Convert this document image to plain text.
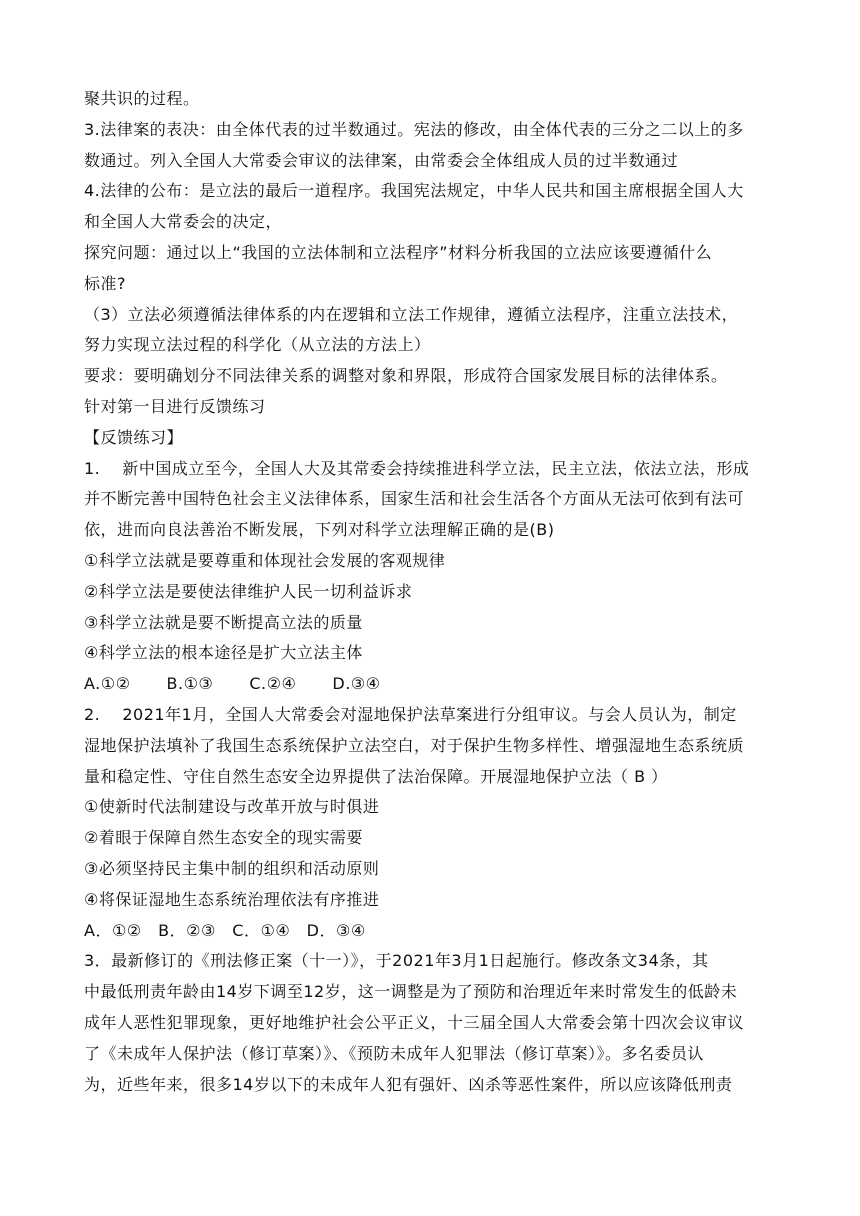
聚共识的过程。
3.法律案的表决：由全体代表的过半数通过。宪法的修改，由全体代表的三分之二以上的多
数通过。列入全国人大常委会审议的法律案，由常委会全体组成人员的过半数通过
4.法律的公布：是立法的最后一道程序。我国宪法规定，中华人民共和国主席根据全国人大
和全国人大常委会的决定，
探究问题：通过以上“我国的立法体制和立法程序”材料分析我国的立法应该要遵循什么
标准?
（3）立法必须遵循法律体系的内在逻辑和立法工作规律，遵循立法程序，注重立法技术，
努力实现立法过程的科学化（从立法的方法上）
要求：要明确划分不同法律关系的调整对象和界限，形成符合国家发展目标的法律体系。
针对第一目进行反馈练习
【反馈练习】
1.　 新中国成立至今，全国人大及其常委会持续推进科学立法，民主立法，依法立法，形成
并不断完善中国特色社会主义法律体系，国家生活和社会生活各个方面从无法可依到有法可
依，进而向良法善治不断发展，下列对科学立法理解正确的是(B)
①科学立法就是要尊重和体现社会发展的客观规律
②科学立法是要使法律维护人民一切利益诉求
③科学立法就是要不断提高立法的质量
④科学立法的根本途径是扩大立法主体
A.①②　 B.①③　 C.②④　 D.③④
2.　 2021年1月，全国人大常委会对湿地保护法草案进行分组审议。与会人员认为，制定
湿地保护法填补了我国生态系统保护立法空白，对于保护生物多样性、增强湿地生态系统质
量和稳定性、守住自然生态安全边界提供了法治保障。开展湿地保护立法（ B ）
①使新时代法制建设与改革开放与时俱进
②着眼于保障自然生态安全的现实需要
③必须坚持民主集中制的组织和活动原则
④将保证湿地生态系统治理依法有序推进
A．①②　B．②③　C．①④　D．③④
3．最新修订的《刑法修正案（十一）》，于2021年3月1日起施行。修改条文34条，其
中最低刑责年龄由14岁下调至12岁，这一调整是为了预防和治理近年来时常发生的低龄未
成年人恶性犯罪现象，更好地维护社会公平正义，十三届全国人大常委会第十四次会议审议
了《未成年人保护法（修订草案）》、《预防未成年人犯罪法（修订草案）》。多名委员认
为，近些年来，很多14岁以下的未成年人犯有强奸、凶杀等恶性案件，所以应该降低刑责
